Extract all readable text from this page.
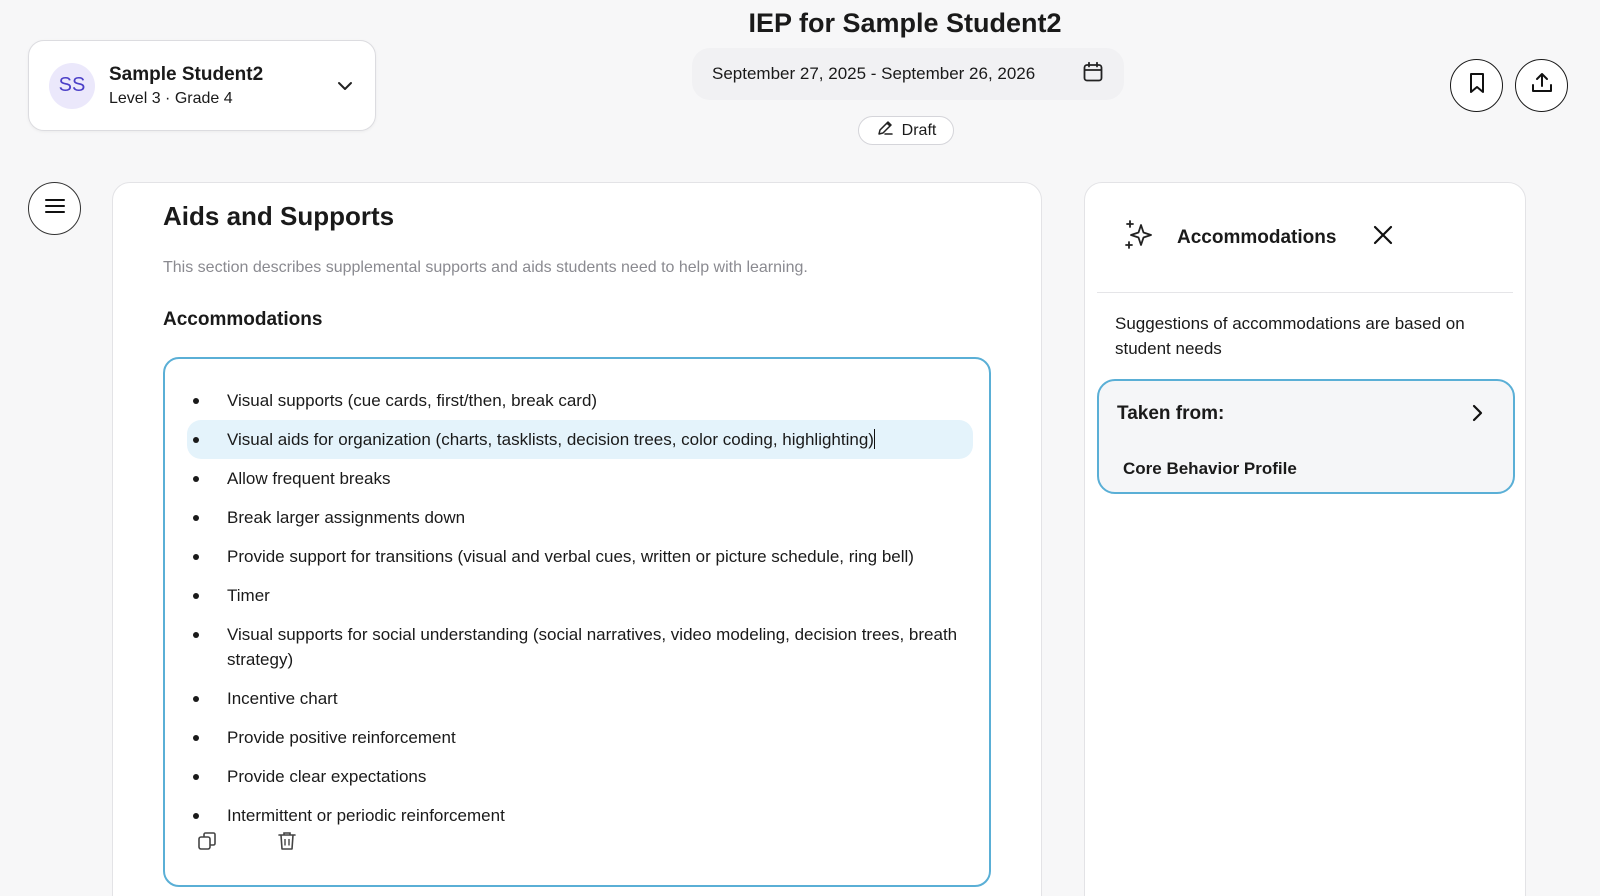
SS	Sample Student2
Level 3 · Grade 4
IEP for Sample Student2
September 27, 2025 - September 26, 2026
Draft
Aids and Supports
This section describes supplemental supports and aids students need to help with learning.
Accommodations
Visual supports (cue cards, first/then, break card)
Visual aids for organization (charts, tasklists, decision trees, color coding, highlighting)
Allow frequent breaks
Break larger assignments down
Provide support for transitions (visual and verbal cues, written or picture schedule, ring bell)
Timer
Visual supports for social understanding (social narratives, video modeling, decision trees, breath strategy)
Incentive chart
Provide positive reinforcement
Provide clear expectations
Intermittent or periodic reinforcement
Accommodations
Suggestions of accommodations are based on student needs
Taken from:
Core Behavior Profile
